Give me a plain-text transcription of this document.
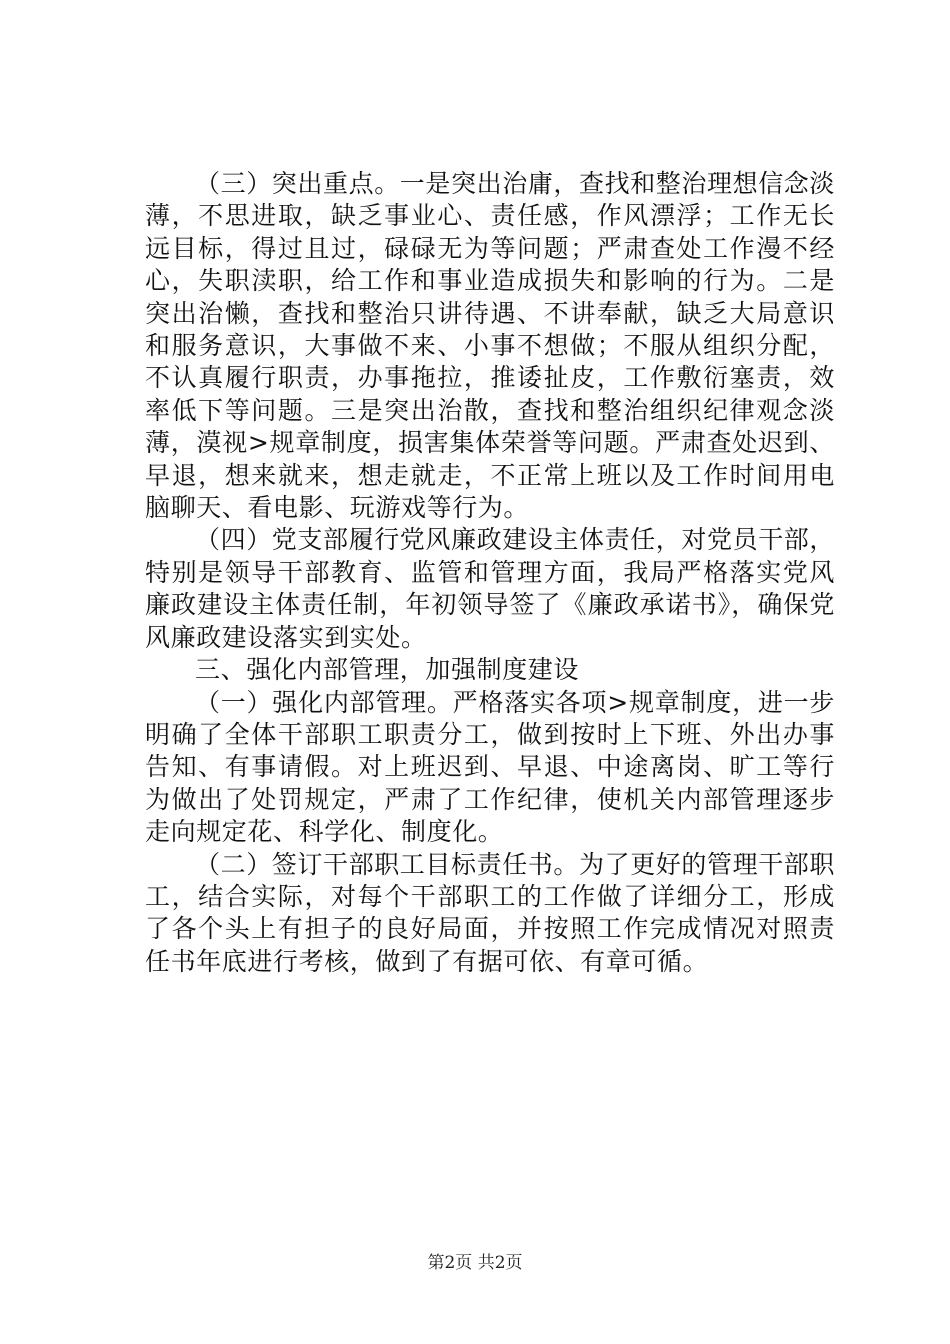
（三）突出重点。一是突出治庸，查找和整治理想信念淡薄，不思进取，缺乏事业心、责任感，作风漂浮；工作无长远目标，得过且过，碌碌无为等问题；严肃查处工作漫不经心，失职渎职，给工作和事业造成损失和影响的行为。二是突出治懒，查找和整治只讲待遇、不讲奉献，缺乏大局意识和服务意识，大事做不来、小事不想做；不服从组织分配，不认真履行职责，办事拖拉，推诿扯皮，工作敷衍塞责，效率低下等问题。三是突出治散，查找和整治组织纪律观念淡薄，漠视>规章制度，损害集体荣誉等问题。严肃查处迟到、早退，想来就来，想走就走，不正常上班以及工作时间用电脑聊天、看电影、玩游戏等行为。

（四）党支部履行党风廉政建设主体责任，对党员干部，特别是领导干部教育、监管和管理方面，我局严格落实党风廉政建设主体责任制，年初领导签了《廉政承诺书》，确保党风廉政建设落实到实处。

三、强化内部管理，加强制度建设

（一）强化内部管理。严格落实各项>规章制度，进一步明确了全体干部职工职责分工，做到按时上下班、外出办事告知、有事请假。对上班迟到、早退、中途离岗、旷工等行为做出了处罚规定，严肃了工作纪律，使机关内部管理逐步走向规定花、科学化、制度化。

（二）签订干部职工目标责任书。为了更好的管理干部职工，结合实际，对每个干部职工的工作做了详细分工，形成了各个头上有担子的良好局面，并按照工作完成情况对照责任书年底进行考核，做到了有据可依、有章可循。

第2页 共2页
